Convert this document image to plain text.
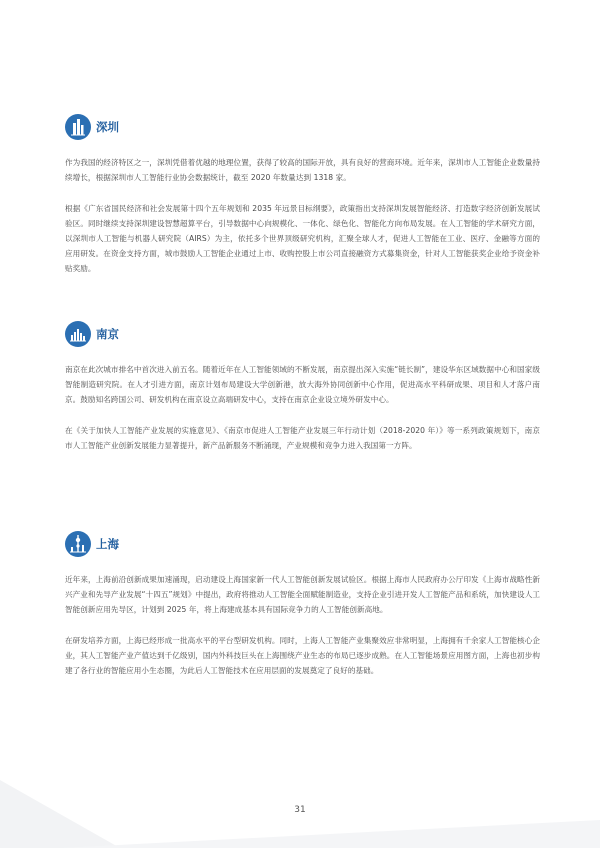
深圳

作为我国的经济特区之一，深圳凭借着优越的地理位置，获得了较高的国际开放，具有良好的营商环境。近年来，深圳市人工智能企业数量持续增长，根据深圳市人工智能行业协会数据统计，截至 2020 年数量达到 1318 家。

根据《广东省国民经济和社会发展第十四个五年规划和 2035 年远景目标纲要》，政策指出支持深圳发展智能经济、打造数字经济创新发展试验区。同时继续支持深圳建设智慧超算平台，引导数据中心向规模化、一体化、绿色化、智能化方向布局发展。在人工智能的学术研究方面，以深圳市人工智能与机器人研究院（AIRS）为主，依托多个世界顶级研究机构，汇聚全球人才，促进人工智能在工业、医疗、金融等方面的应用研发。在资金支持方面，城市鼓励人工智能企业通过上市、收购控股上市公司直接融资方式募集资金，针对人工智能获奖企业给予资金补贴奖励。

南京

南京在此次城市排名中首次进入前五名。随着近年在人工智能领域的不断发展，南京提出深入实施“链长制”，建设华东区域数据中心和国家级智能制造研究院。在人才引进方面，南京计划布局建设大学创新港，放大海外协同创新中心作用，促进高水平科研成果、项目和人才落户南京。鼓励知名跨国公司、研发机构在南京设立高端研发中心，支持在南京企业设立境外研发中心。

在《关于加快人工智能产业发展的实施意见》、《南京市促进人工智能产业发展三年行动计划（2018-2020 年）》等一系列政策规划下，南京市人工智能产业创新发展能力显著提升，新产品新服务不断涌现，产业规模和竞争力进入我国第一方阵。

上海

近年来，上海前沿创新成果加速涌现，启动建设上海国家新一代人工智能创新发展试验区。根据上海市人民政府办公厅印发《上海市战略性新兴产业和先导产业发展“十四五”规划》中提出，政府将推动人工智能全面赋能制造业，支持企业引进开发人工智能产品和系统，加快建设人工智能创新应用先导区，计划到 2025 年，将上海建成基本具有国际竞争力的人工智能创新高地。

在研发培养方面，上海已经形成一批高水平的平台型研发机构。同时，上海人工智能产业集聚效应非常明显，上海拥有千余家人工智能核心企业，其人工智能产业产值达到千亿级别，国内外科技巨头在上海围绕产业生态的布局已逐步成熟。在人工智能场景应用图方面，上海也初步构建了各行业的智能应用小生态圈，为此后人工智能技术在应用层面的发展奠定了良好的基础。

31
